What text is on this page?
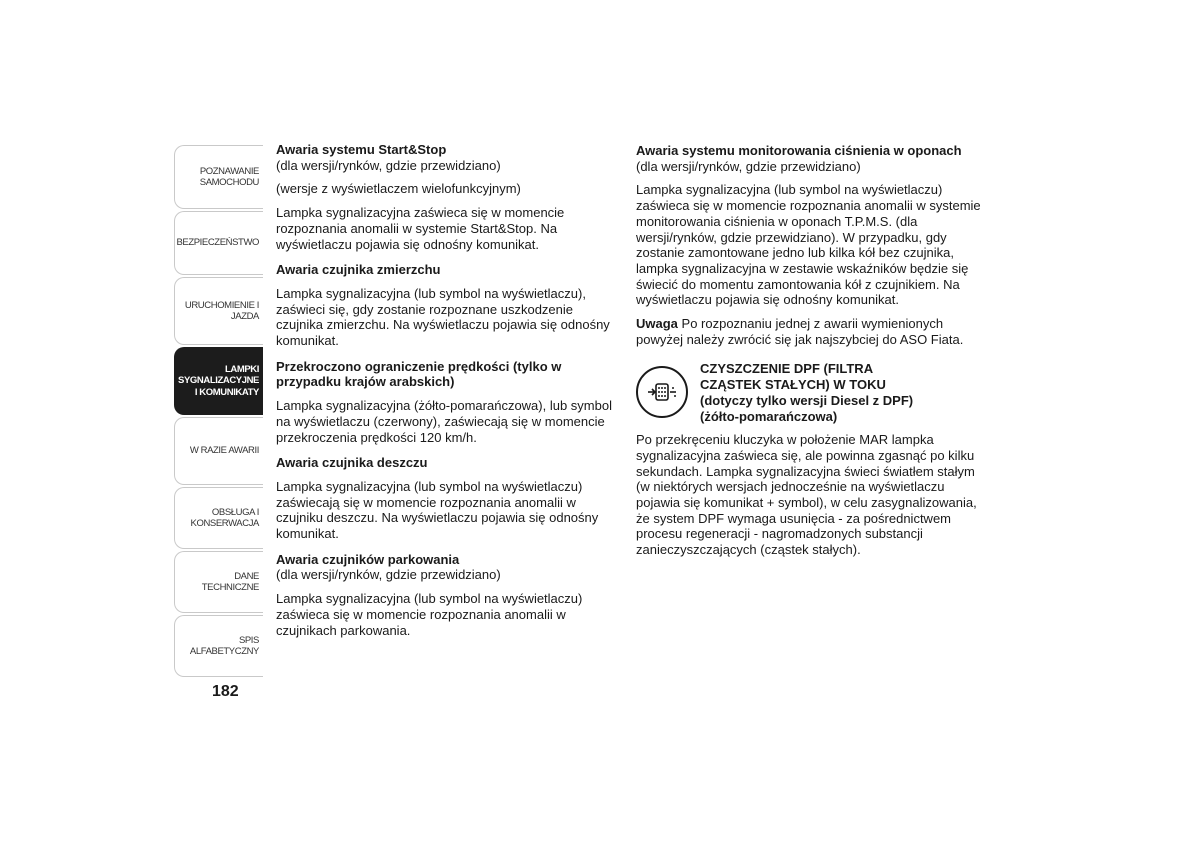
POZNAWANIE
SAMOCHODU
BEZPIECZEŃSTWO
URUCHOMIENIE I
JAZDA
LAMPKI
SYGNALIZACYJNE
I KOMUNIKATY
W RAZIE AWARII
OBSŁUGA I
KONSERWACJA
DANE TECHNICZNE
SPIS ALFABETYCZNY
182
Awaria systemu Start&Stop

(dla wersji/rynków, gdzie przewidziano)

(wersje z wyświetlaczem wielofunkcyjnym)

Lampka sygnalizacyjna zaświeca się w momencie rozpoznania anomalii w systemie Start&Stop. Na wyświetlaczu pojawia się odnośny komunikat.

Awaria czujnika zmierzchu

Lampka sygnalizacyjna (lub symbol na wyświetlaczu), zaświeci się, gdy zostanie rozpoznane uszkodzenie czujnika zmierzchu. Na wyświetlaczu pojawia się odnośny komunikat.

Przekroczono ograniczenie prędkości (tylko w przypadku krajów arabskich)

Lampka sygnalizacyjna (żółto-pomarańczowa), lub symbol na wyświetlaczu (czerwony), zaświecają się w momencie przekroczenia prędkości 120 km/h.

Awaria czujnika deszczu

Lampka sygnalizacyjna (lub symbol na wyświetlaczu) zaświecają się w momencie rozpoznania anomalii w czujniku deszczu. Na wyświetlaczu pojawia się odnośny komunikat.

Awaria czujników parkowania

(dla wersji/rynków, gdzie przewidziano)

Lampka sygnalizacyjna (lub symbol na wyświetlaczu) zaświeca się w momencie rozpoznania anomalii w czujnikach parkowania.

Awaria systemu monitorowania ciśnienia w oponach

(dla wersji/rynków, gdzie przewidziano)

Lampka sygnalizacyjna (lub symbol na wyświetlaczu) zaświeca się w momencie rozpoznania anomalii w systemie monitorowania ciśnienia w oponach T.P.M.S. (dla wersji/rynków, gdzie przewidziano). W przypadku, gdy zostanie zamontowane jedno lub kilka kół bez czujnika, lampka sygnalizacyjna w zestawie wskaźników będzie się świecić do momentu zamontowania kół z czujnikiem. Na wyświetlaczu pojawia się odnośny komunikat.

Uwaga Po rozpoznaniu jednej z awarii wymienionych powyżej należy zwrócić się jak najszybciej do ASO Fiata.

CZYSZCZENIE DPF (FILTRA
CZĄSTEK STAŁYCH) W TOKU
(dotyczy tylko wersji Diesel z DPF)
(żółto-pomarańczowa)

Po przekręceniu kluczyka w położenie MAR lampka sygnalizacyjna zaświeca się, ale powinna zgasnąć po kilku sekundach. Lampka sygnalizacyjna świeci światłem stałym (w niektórych wersjach jednocześnie na wyświetlaczu pojawia się komunikat + symbol), w celu zasygnalizowania, że system DPF wymaga usunięcia - za pośrednictwem procesu regeneracji - nagromadzonych substancji zanieczyszczających (cząstek stałych).
